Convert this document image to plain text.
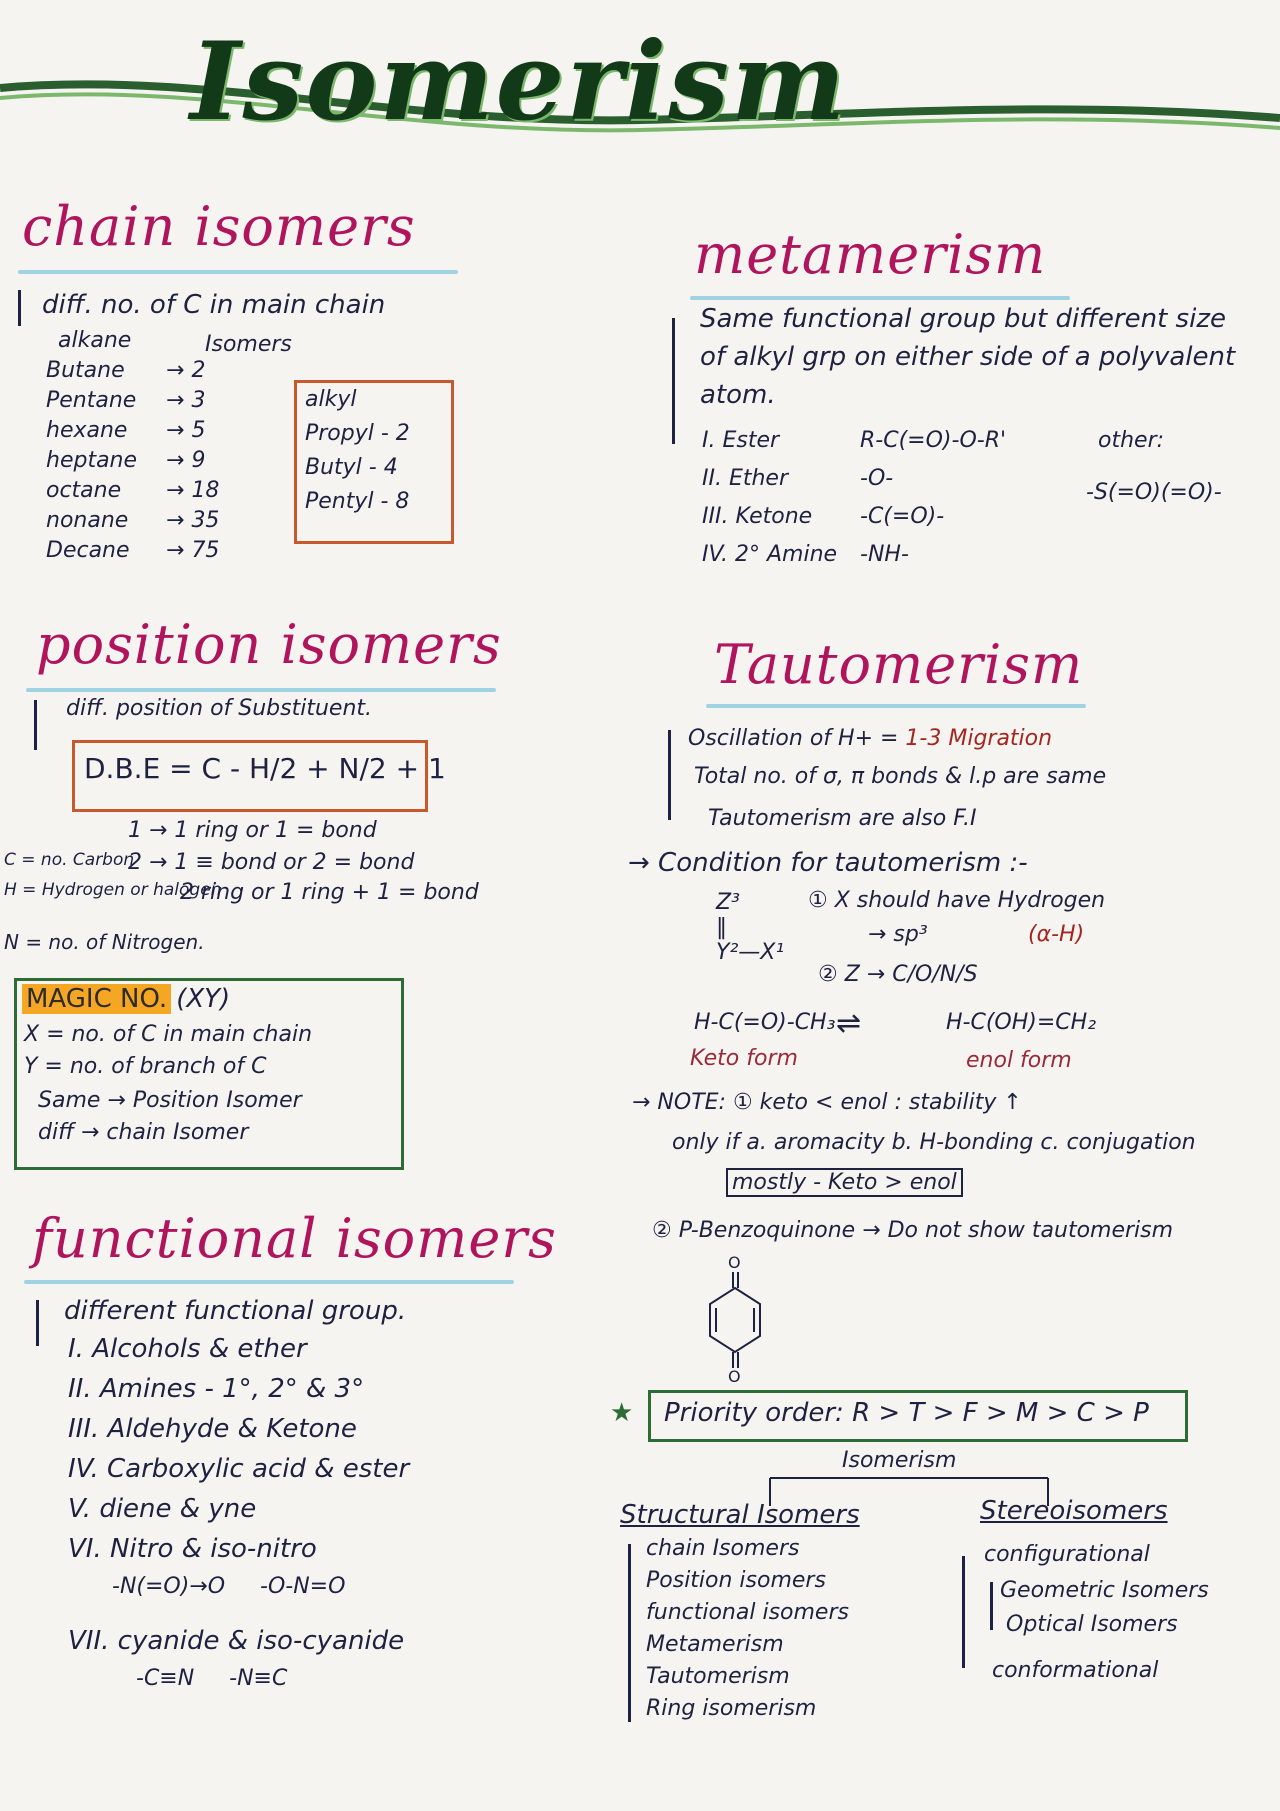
Isomerism
chain isomers
diff. no. of C in main chain
alkane	Isomers
Butane → 2
Pentane → 3
hexane → 5
heptane → 9
octane → 18
nonane → 35
Decane → 75
alkyl
Propyl - 2
Butyl - 4
Pentyl - 8
position isomers
diff. position of Substituent.
D.B.E = C - H/2 + N/2 + 1
1 → 1 ring or 1 = bond
2 → 1 ≡ bond or 2 = bond
2 ring or 1 ring + 1 = bond
C = no. Carbon
H = Hydrogen or halogen
N = no. of Nitrogen.
MAGIC NO. (XY)
X = no. of C in main chain
Y = no. of branch of C
Same → Position Isomer
diff → chain Isomer
functional isomers
different functional group.
I. Alcohols & ether
II. Amines - 1°, 2° & 3°
III. Aldehyde & Ketone
IV. Carboxylic acid & ester
V. diene & yne
VI. Nitro & iso-nitro
-N(=O)→O     -O-N=O
VII. cyanide & iso-cyanide
-C≡N     -N≡C
metamerism
Same functional group but different size of alkyl grp on either side of a polyvalent atom.
I. Ester	R-C(=O)-O-R'
II. Ether	-O-
III. Ketone -C(=O)-
IV. 2° Amine -NH-
other:
-S(=O)(=O)-
Tautomerism
Oscillation of H+ = 1-3 Migration
Total no. of σ, π bonds & l.p are same
Tautomerism are also F.I
→ Condition for tautomerism :-
① X should have Hydrogen
→ sp³	(α-H)
Z³
‖
Y²—X¹
② Z → C/O/N/S
H-C(=O)-CH₃ ⇌	H-C(OH)=CH₂
Keto form	enol form
→ NOTE: ① keto < enol : stability ↑
only if a. aromacity b. H-bonding c. conjugation
mostly - Keto > enol
② P-Benzoquinone → Do not show tautomerism
O
O
★ Priority order: R > T > F > M > C > P
Isomerism
Structural Isomers	Stereoisomers
chain Isomers
Position isomers
functional isomers
Metamerism
Tautomerism
Ring isomerism
configurational
Geometric Isomers
Optical Isomers
conformational
